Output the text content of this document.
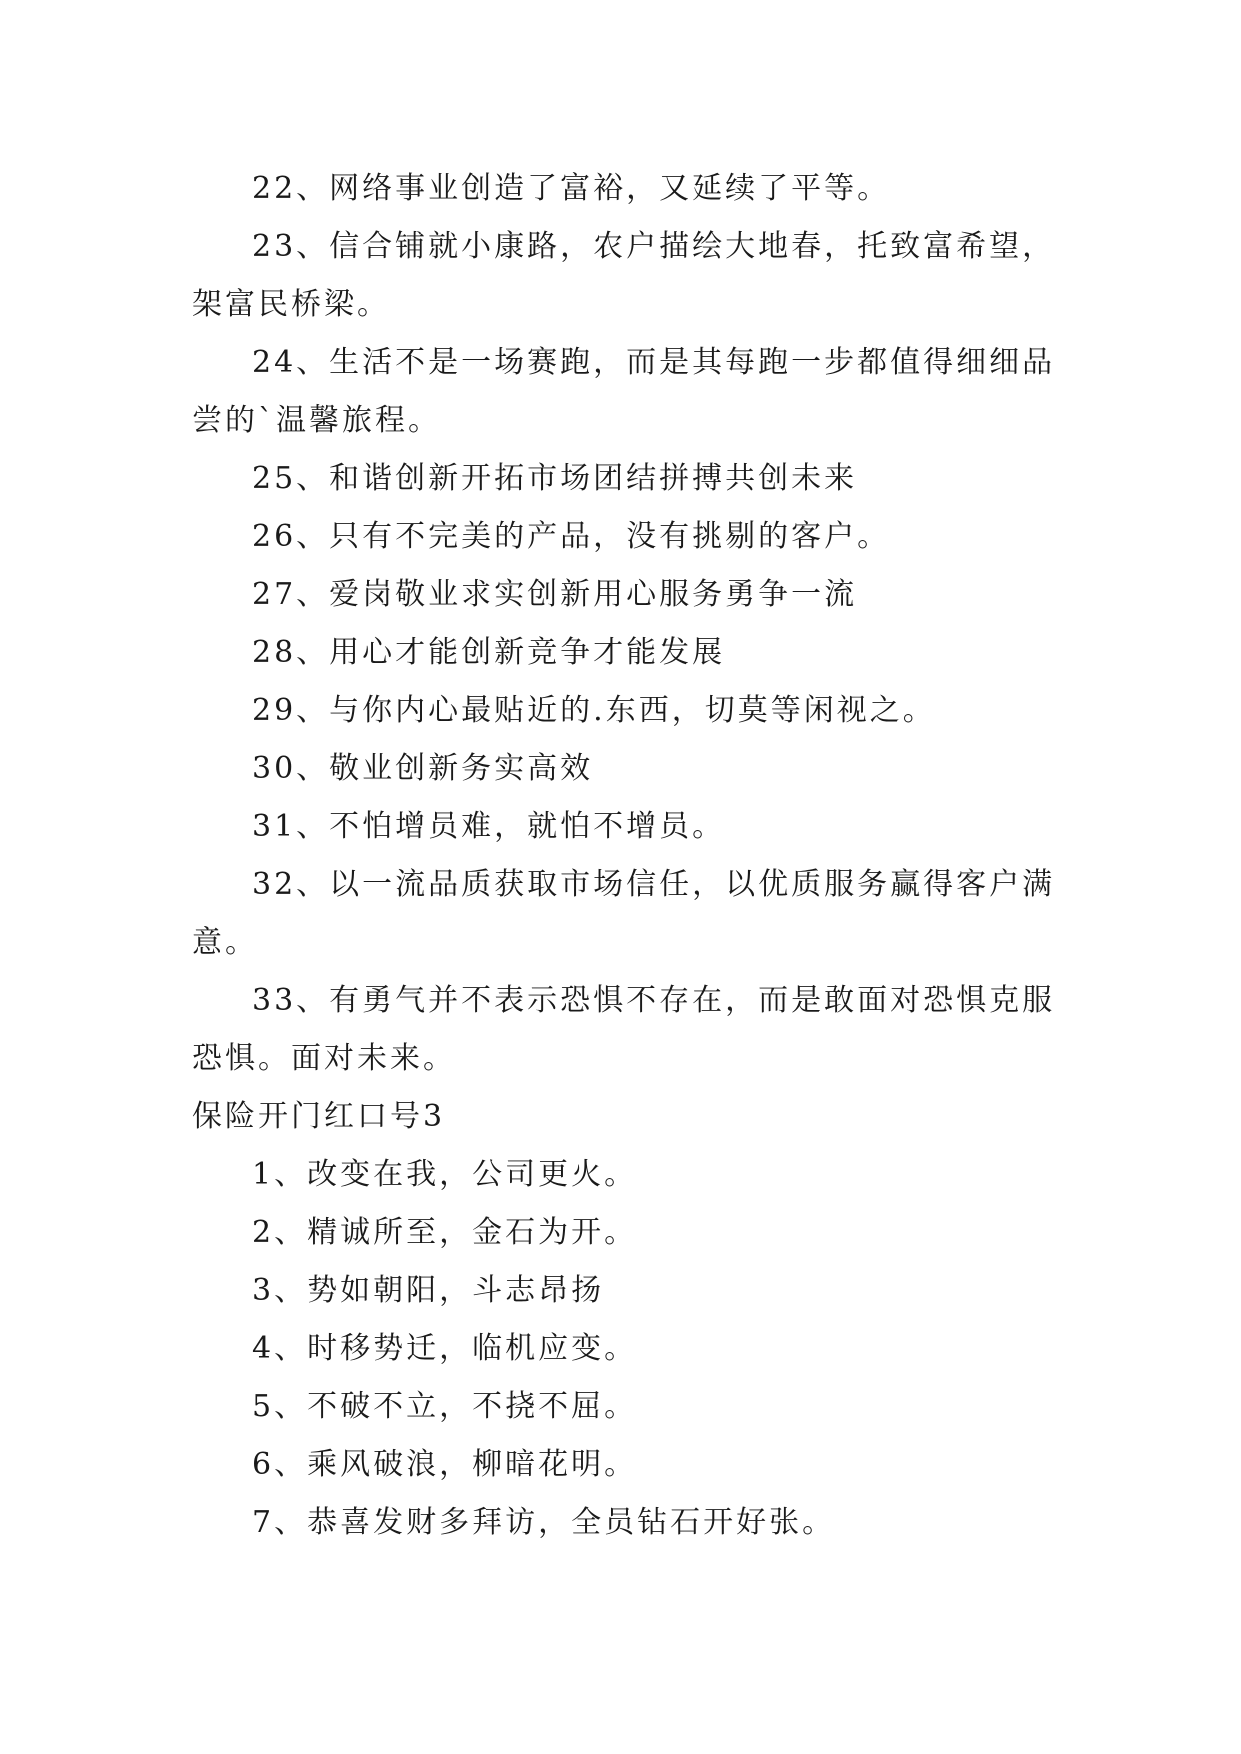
22、网络事业创造了富裕，又延续了平等。

23、信合铺就小康路，农户描绘大地春，托致富希望，架富民桥梁。

24、生活不是一场赛跑，而是其每跑一步都值得细细品尝的`温馨旅程。

25、和谐创新开拓市场团结拼搏共创未来

26、只有不完美的产品，没有挑剔的客户。

27、爱岗敬业求实创新用心服务勇争一流

28、用心才能创新竞争才能发展

29、与你内心最贴近的.东西，切莫等闲视之。

30、敬业创新务实高效

31、不怕增员难，就怕不增员。

32、以一流品质获取市场信任，以优质服务赢得客户满意。

33、有勇气并不表示恐惧不存在，而是敢面对恐惧克服恐惧。面对未来。

保险开门红口号3

1、改变在我，公司更火。

2、精诚所至，金石为开。

3、势如朝阳，斗志昂扬

4、时移势迁，临机应变。

5、不破不立，不挠不屈。

6、乘风破浪，柳暗花明。

7、恭喜发财多拜访，全员钻石开好张。
